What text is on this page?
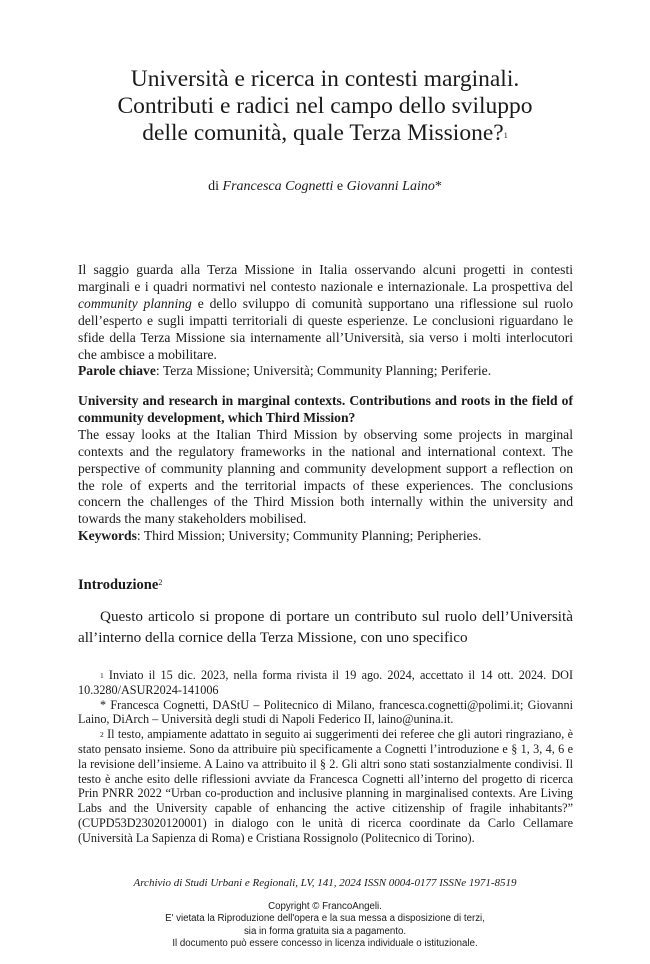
Università e ricerca in contesti marginali.
Contributi e radici nel campo dello sviluppo
delle comunità, quale Terza Missione?$^1$
di Francesca Cognetti e Giovanni Laino*

Il saggio guarda alla Terza Missione in Italia osservando alcuni progetti in contesti marginali e i quadri normativi nel contesto nazionale e internazionale. La prospettiva del community planning e dello sviluppo di comunità supportano una riflessione sul ruolo dell’esperto e sugli impatti territoriali di queste esperienze. Le conclusioni riguardano le sfide della Terza Missione sia internamente all’Università, sia verso i molti interlocutori che ambisce a mobilitare.

Parole chiave: Terza Missione; Università; Community Planning; Periferie.

University and research in marginal contexts. Contributions and roots in the field of community development, which Third Mission?

The essay looks at the Italian Third Mission by observing some projects in marginal contexts and the regulatory frameworks in the national and international context. The perspective of community planning and community development support a reflection on the role of experts and the territorial impacts of these experiences. The conclusions concern the challenges of the Third Mission both internally within the university and towards the many stakeholders mobilised.

Keywords: Third Mission; University; Community Planning; Peripheries.

Introduzione$^2$

Questo articolo si propone di portare un contributo sul ruolo dell’Università all’interno della cornice della Terza Missione, con uno specifico

$^1$ Inviato il 15 dic. 2023, nella forma rivista il 19 ago. 2024, accettato il 14 ott. 2024. DOI 10.3280/ASUR2024-141006

* Francesca Cognetti, DAStU – Politecnico di Milano, francesca.cognetti@polimi.it; Giovanni Laino, DiArch – Università degli studi di Napoli Federico II, laino@unina.it.

$^2$ Il testo, ampiamente adattato in seguito ai suggerimenti dei referee che gli autori ringraziano, è stato pensato insieme. Sono da attribuire più specificamente a Cognetti l’introduzione e § 1, 3, 4, 6 e la revisione dell’insieme. A Laino va attribuito il § 2. Gli altri sono stati sostanzialmente condivisi. Il testo è anche esito delle riflessioni avviate da Francesca Cognetti all’interno del progetto di ricerca Prin PNRR 2022 “Urban co-production and inclusive planning in marginalised contexts. Are Living Labs and the University capable of enhancing the active citizenship of fragile inhabitants?” (CUPD53D23020120001) in dialogo con le unità di ricerca coordinate da Carlo Cellamare (Università La Sapienza di Roma) e Cristiana Rossignolo (Politecnico di Torino).

Archivio di Studi Urbani e Regionali, LV, 141, 2024 ISSN 0004-0177 ISSNe 1971-8519
Copyright © FrancoAngeli.
E' vietata la Riproduzione dell'opera e la sua messa a disposizione di terzi,
sia in forma gratuita sia a pagamento.
Il documento può essere concesso in licenza individuale o istituzionale.
